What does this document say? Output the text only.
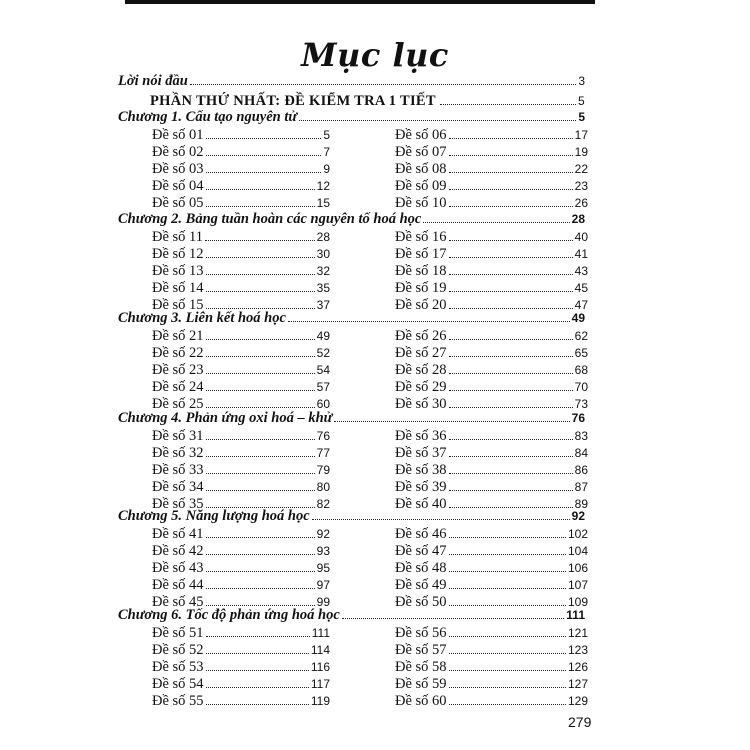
Mục lục
Lời nói đầu	3
PHẦN THỨ NHẤT: ĐỀ KIỂM TRA 1 TIẾT	5
279
Chương 1. Cấu tạo nguyên tử	5
Đề số 01	5
Đề số 02	7
Đề số 03	9
Đề số 04	12
Đề số 05	15
Đề số 06	17
Đề số 07	19
Đề số 08	22
Đề số 09	23
Đề số 10	26
Chương 2. Bảng tuần hoàn các nguyên tố hoá học	28
Đề số 11	28
Đề số 12	30
Đề số 13	32
Đề số 14	35
Đề số 15	37
Đề số 16	40
Đề số 17	41
Đề số 18	43
Đề số 19	45
Đề số 20	47
Chương 3. Liên kết hoá học	49
Đề số 21	49
Đề số 22	52
Đề số 23	54
Đề số 24	57
Đề số 25	60
Đề số 26	62
Đề số 27	65
Đề số 28	68
Đề số 29	70
Đề số 30	73
Chương 4. Phản ứng oxi hoá – khử	76
Đề số 31	76
Đề số 32	77
Đề số 33	79
Đề số 34	80
Đề số 35	82
Đề số 36	83
Đề số 37	84
Đề số 38	86
Đề số 39	87
Đề số 40	89
Chương 5. Năng lượng hoá học	92
Đề số 41	92
Đề số 42	93
Đề số 43	95
Đề số 44	97
Đề số 45	99
Đề số 46	102
Đề số 47	104
Đề số 48	106
Đề số 49	107
Đề số 50	109
Chương 6. Tốc độ phản ứng hoá học	111
Đề số 51	111
Đề số 52	114
Đề số 53	116
Đề số 54	117
Đề số 55	119
Đề số 56	121
Đề số 57	123
Đề số 58	126
Đề số 59	127
Đề số 60	129
